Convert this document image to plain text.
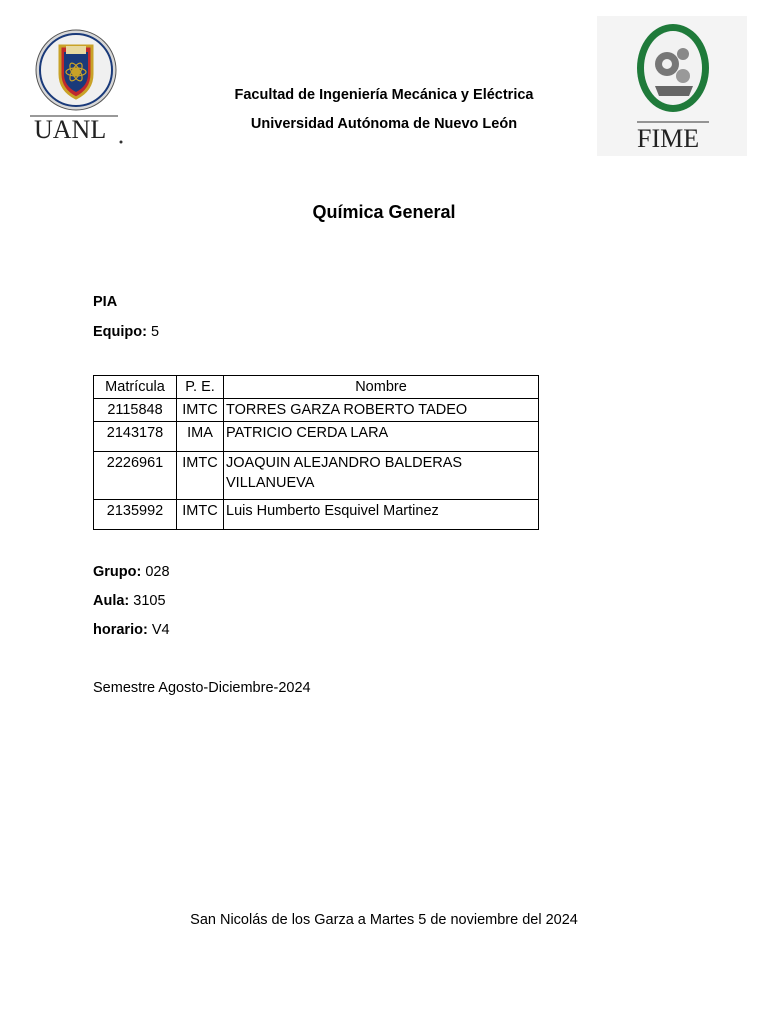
UANL	FIME
Facultad de Ingeniería Mecánica y Eléctrica
Universidad Autónoma de Nuevo León
Química General
PIA
Equipo: 5
Matrícula	P. E.	Nombre
2115848	IMTC	TORRES GARZA ROBERTO TADEO
2143178	IMA	PATRICIO CERDA LARA
2226961	IMTC	JOAQUIN ALEJANDRO BALDERAS VILLANUEVA
2135992	IMTC	Luis Humberto Esquivel Martinez
Grupo: 028
Aula: 3105
horario: V4
Semestre Agosto-Diciembre-2024
San Nicolás de los Garza a Martes 5 de noviembre del 2024
